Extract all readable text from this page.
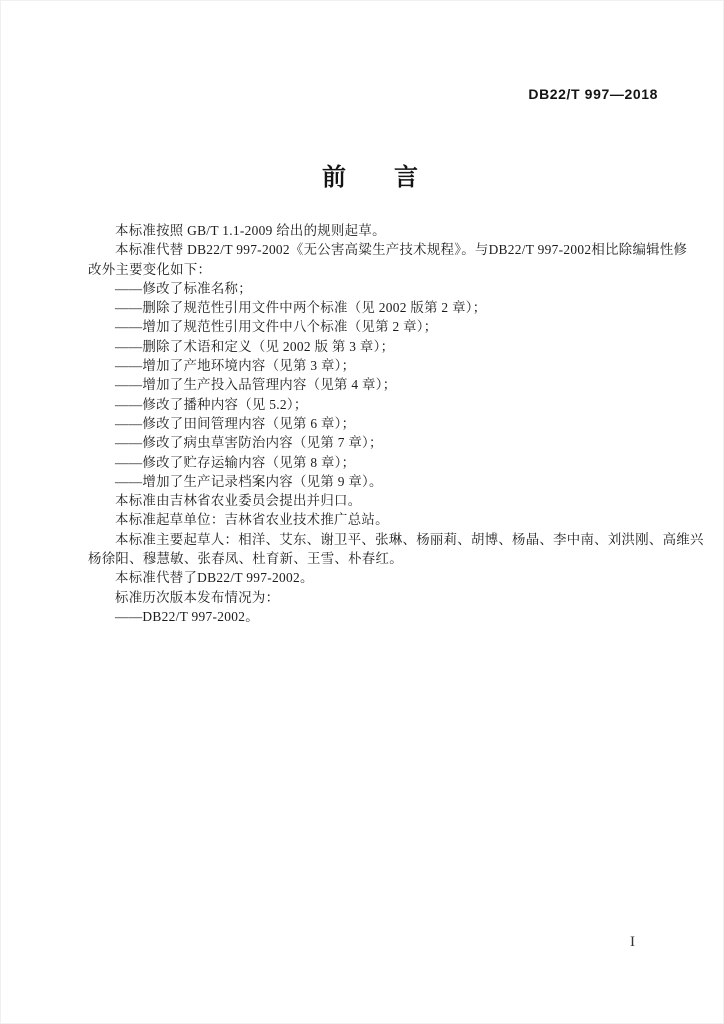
DB22/T 997—2018
前　　言
本标准按照 GB/T 1.1-2009 给出的规则起草。
本标准代替 DB22/T 997-2002《无公害高粱生产技术规程》。与DB22/T 997-2002相比除编辑性修
改外主要变化如下：
——修改了标准名称；
——删除了规范性引用文件中两个标准（见 2002 版第 2 章）；
——增加了规范性引用文件中八个标准（见第 2 章）；
——删除了术语和定义（见 2002 版 第 3 章）；
——增加了产地环境内容（见第 3 章）；
——增加了生产投入品管理内容（见第 4 章）；
——修改了播种内容（见 5.2）；
——修改了田间管理内容（见第 6 章）；
——修改了病虫草害防治内容（见第 7 章）；
——修改了贮存运输内容（见第 8 章）；
——增加了生产记录档案内容（见第 9 章）。
本标准由吉林省农业委员会提出并归口。
本标准起草单位：吉林省农业技术推广总站。
本标准主要起草人：相洋、艾东、谢卫平、张琳、杨丽莉、胡博、杨晶、李中南、刘洪刚、高维兴
杨徐阳、穆慧敏、张春凤、杜育新、王雪、朴春红。
本标准代替了DB22/T 997-2002。
标准历次版本发布情况为：
——DB22/T 997-2002。
I
